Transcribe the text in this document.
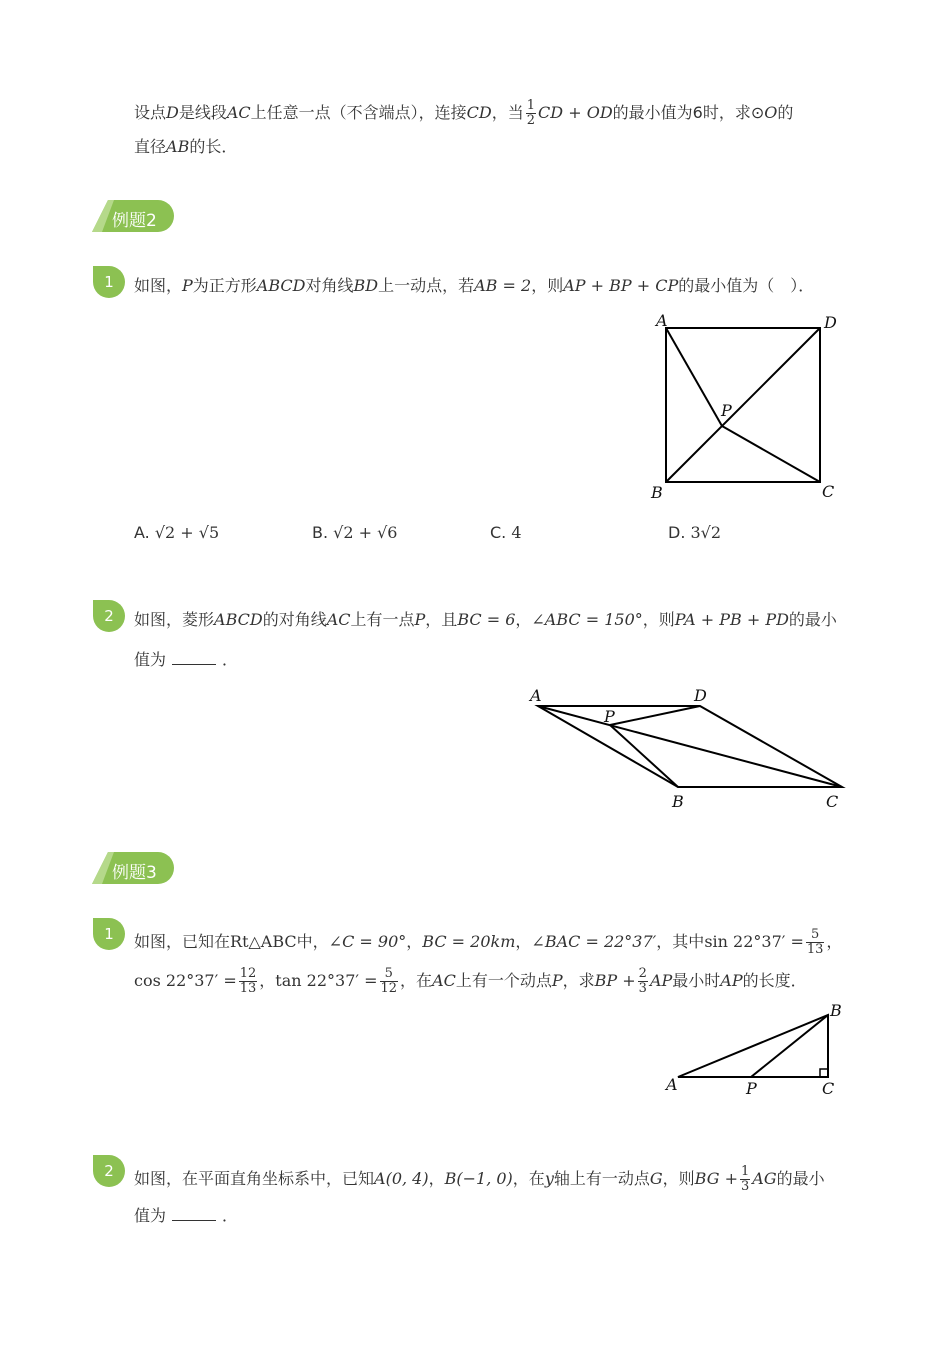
设点D是线段AC上任意一点（不含端点），连接CD，当 $\frac{1}{2}$ CD + OD的最小值为6时，求⊙O的
直径AB的长．
例题2
1	如图，P为正方形ABCD对角线BD上一动点，若AB = 2，则AP + BP + CP的最小值为（　）．
A	D
P
B	C
A. √2 + √5	B. √2 + √6	C. 4	D. 3√2
2	如图，菱形ABCD的对角线AC上有一点P，且BC = 6，∠ABC = 150°，则PA + PB + PD的最小
值为	．
A	D
P
B	C
例题3
1	如图，已知在Rt△ABC中，∠C = 90°，BC = 20km，∠BAC = 22°37′，其中$\sin 22^\circ 37' = \frac{5}{13}$ ，
$\cos 22^\circ 37' = \frac{12}{13}$ ，$\tan 22^\circ 37' = \frac{5}{12}$ ，在AC上有一个动点P，求BP + $\frac{2}{3}$ AP最小时AP的长度．
A
B
C
P
2	如图，在平面直角坐标系中，已知A(0, 4)，B(−1, 0)，在y轴上有一动点G，则BG + $\frac{1}{3}$ AG的最小
值为	．
